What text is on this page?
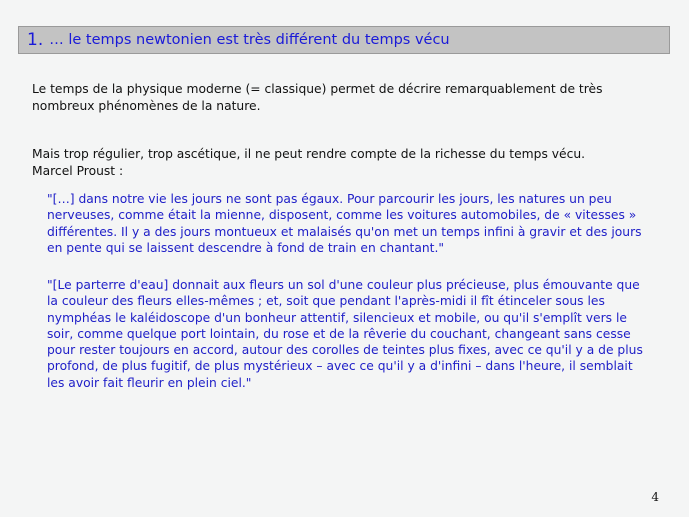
1. … le temps newtonien est très différent du temps vécu
Le temps de la physique moderne (= classique) permet de décrire remarquablement de très nombreux phénomènes de la nature.
Mais trop régulier, trop ascétique, il ne peut rendre compte de la richesse du temps vécu.
Marcel Proust :
"[…] dans notre vie les jours ne sont pas égaux. Pour parcourir les jours, les natures un peu nerveuses, comme était la mienne, disposent, comme les voitures automobiles, de « vitesses » différentes. Il y a des jours montueux et malaisés qu'on met un temps infini à gravir et des jours en pente qui se laissent descendre à fond de train en chantant."
"[Le parterre d'eau] donnait aux fleurs un sol d'une couleur plus précieuse, plus émouvante que la couleur des fleurs elles-mêmes ; et, soit que pendant l'après-midi il fît étinceler sous les nymphéas le kaléidoscope d'un bonheur attentif, silencieux et mobile, ou qu'il s'emplît vers le soir, comme quelque port lointain, du rose et de la rêverie du couchant, changeant sans cesse pour rester toujours en accord, autour des corolles de teintes plus fixes, avec ce qu'il y a de plus profond, de plus fugitif, de plus mystérieux – avec ce qu'il y a d'infini – dans l'heure, il semblait les avoir fait fleurir en plein ciel."
4
